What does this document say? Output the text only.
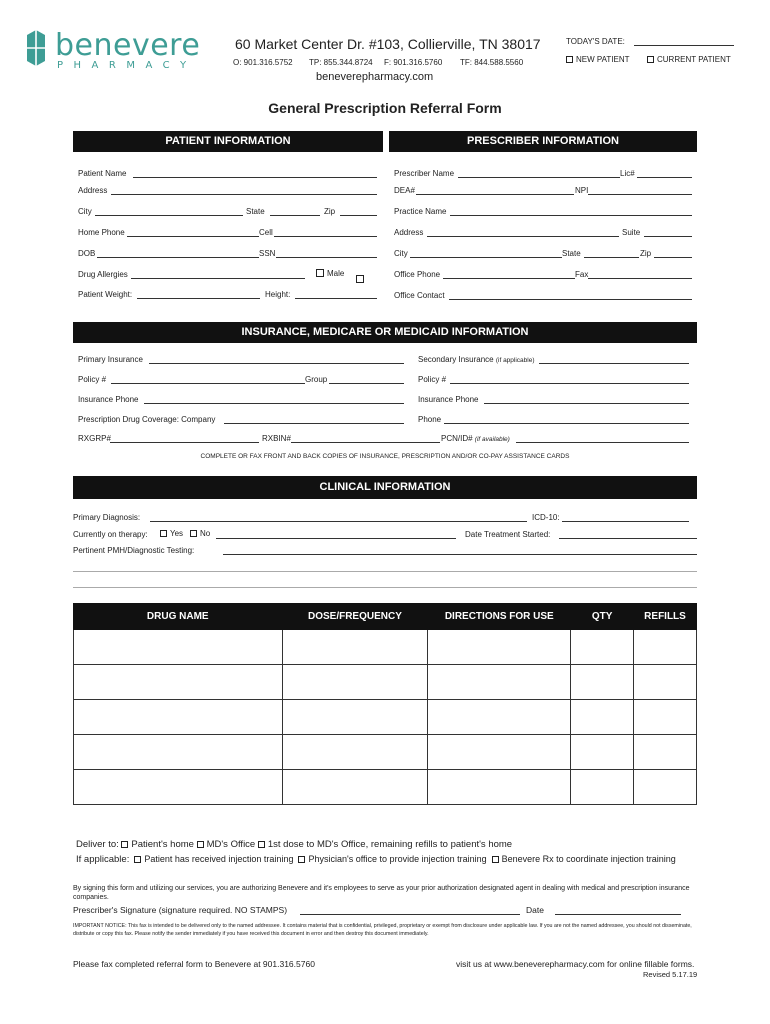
benevere
PHARMACY
60 Market Center Dr. #103, Collierville, TN 38017
O: 901.316.5752 TP: 855.344.8724 F: 901.316.5760 TF: 844.588.5560
beneverepharmacy.com
TODAY'S DATE:
NEW PATIENT	CURRENT PATIENT
General Prescription Referral Form
PATIENT INFORMATION	PRESCRIBER INFORMATION
Patient Name
Address
City	State	Zip
Home Phone	Cell
DOB	SSN
Drug Allergies	Male
Patient Weight:	Height:
Prescriber Name	Lic#
DEA#	NPI
Practice Name
Address	Suite
City	State	Zip
Office Phone	Fax
Office Contact
INSURANCE, MEDICARE OR MEDICAID INFORMATION
Primary Insurance	Secondary Insurance (if applicable)
Policy #	Group	Policy #
Insurance Phone	Insurance Phone
Prescription Drug Coverage: Company	Phone
RXGRP#	RXBIN#	PCN/ID# (if available)
COMPLETE OR FAX FRONT AND BACK COPIES OF INSURANCE, PRESCRIPTION AND/OR CO-PAY ASSISTANCE CARDS
CLINICAL INFORMATION
Primary Diagnosis:	ICD-10:
Currently on therapy:	Yes	No	Date Treatment Started:
Pertinent PMH/Diagnostic Testing:
DRUG NAME	DOSE/FREQUENCY	DIRECTIONS FOR USE	QTY	REFILLS

Deliver to: Patient's home MD's Office 1st dose to MD's Office, remaining refills to patient's home
If applicable: Patient has received injection training Physician's office to provide injection training Benevere Rx to coordinate injection training
By signing this form and utilizing our services, you are authorizing Benevere and it's employees to serve as your prior authorization designated agent in dealing with medical and prescription insurance companies.
Prescriber's Signature (signature required. NO STAMPS)	Date
IMPORTANT NOTICE: This fax is intended to be delivered only to the named addressee. It contains material that is confidential, privileged, proprietary or exempt from disclosure under applicable law. If you are not the named addressee, you should not disseminate, distribute or copy this fax. Please notify the sender immediately if you have received this document in error and then destroy this document immediately.
Please fax completed referral form to Benevere at 901.316.5760	visit us at www.beneverepharmacy.com for online fillable forms.
Revised 5.17.19
